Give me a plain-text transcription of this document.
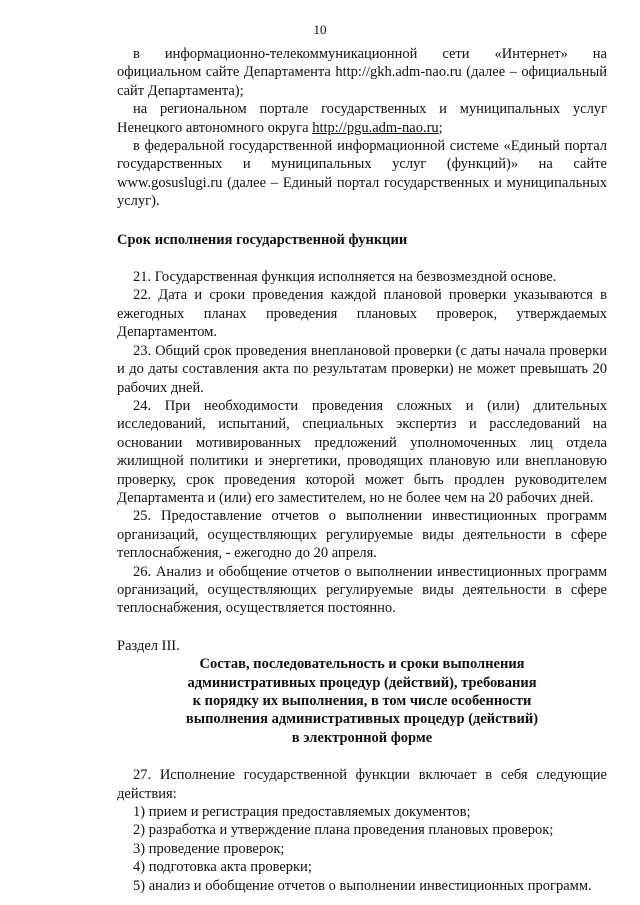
10

в информационно-телекоммуникационной сети «Интернет» на официальном сайте Департамента http://gkh.adm-nao.ru (далее – официальный сайт Департамента);

на региональном портале государственных и муниципальных услуг Ненецкого автономного округа http://pgu.adm-nao.ru;

в федеральной государственной информационной системе «Единый портал государственных и муниципальных услуг (функций)» на сайте www.gosuslugi.ru (далее – Единый портал государственных и муниципальных услуг).

Срок исполнения государственной функции

21. Государственная функция исполняется на безвозмездной основе.

22. Дата и сроки проведения каждой плановой проверки указываются в ежегодных планах проведения плановых проверок, утверждаемых Департаментом.

23. Общий срок проведения внеплановой проверки (с даты начала проверки и до даты составления акта по результатам проверки) не может превышать 20 рабочих дней.

24. При необходимости проведения сложных и (или) длительных исследований, испытаний, специальных экспертиз и расследований на основании мотивированных предложений уполномоченных лиц отдела жилищной политики и энергетики, проводящих плановую или внеплановую проверку, срок проведения которой может быть продлен руководителем Департамента и (или) его заместителем, но не более чем на 20 рабочих дней.

25. Предоставление отчетов о выполнении инвестиционных программ организаций, осуществляющих регулируемые виды деятельности в сфере теплоснабжения, - ежегодно до 20 апреля.

26. Анализ и обобщение отчетов о выполнении инвестиционных программ организаций, осуществляющих регулируемые виды деятельности в сфере теплоснабжения, осуществляется постоянно.

Раздел III.

Состав, последовательность и сроки выполнения
административных процедур (действий), требования
к порядку их выполнения, в том числе особенности
выполнения административных процедур (действий)
в электронной форме

27. Исполнение государственной функции включает в себя следующие действия:

1) прием и регистрация предоставляемых документов;

2) разработка и утверждение плана проведения плановых проверок;

3) проведение проверок;

4) подготовка акта проверки;

5) анализ и обобщение отчетов о выполнении инвестиционных программ.
